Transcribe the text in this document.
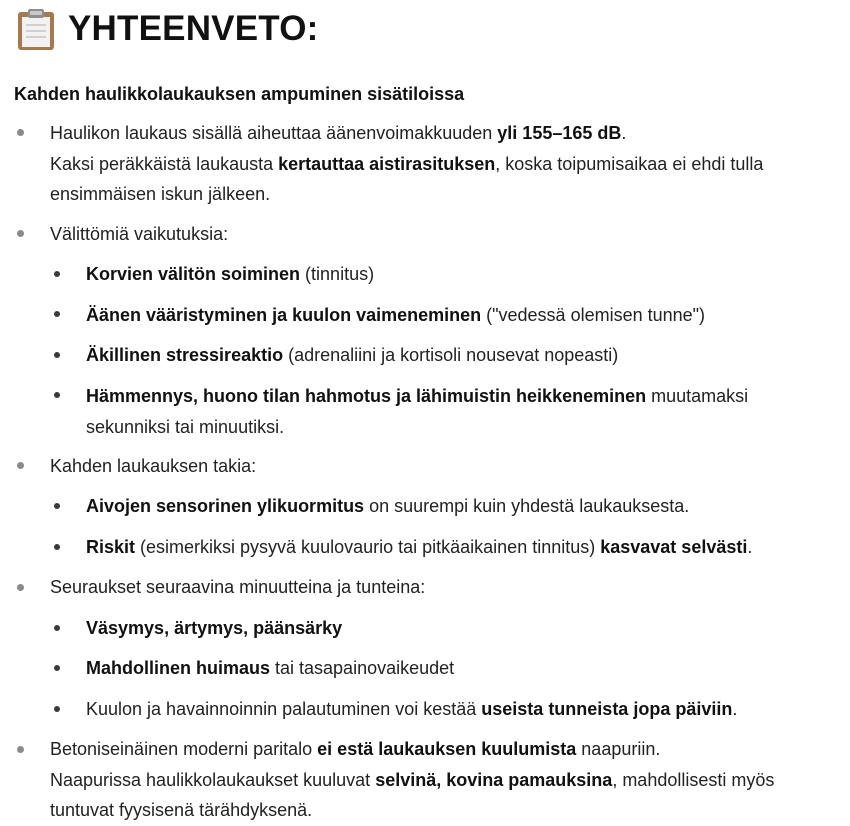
YHTEENVETO:
Kahden haulikkolaukauksen ampuminen sisätiloissa
Haulikon laukaus sisällä aiheuttaa äänenvoimakkuuden yli 155–165 dB.
Kaksi peräkkäistä laukausta kertauttaa aistirasituksen, koska toipumisaikaa ei ehdi tulla
ensimmäisen iskun jälkeen.
Välittömiä vaikutuksia:
Korvien välitön soiminen (tinnitus)
Äänen vääristyminen ja kuulon vaimeneminen ("vedessä olemisen tunne")
Äkillinen stressireaktio (adrenaliini ja kortisoli nousevat nopeasti)
Hämmennys, huono tilan hahmotus ja lähimuistin heikkeneminen muutamaksi
sekunniksi tai minuutiksi.
Kahden laukauksen takia:
Aivojen sensorinen ylikuormitus on suurempi kuin yhdestä laukauksesta.
Riskit (esimerkiksi pysyvä kuulovaurio tai pitkäaikainen tinnitus) kasvavat selvästi.
Seuraukset seuraavina minuutteina ja tunteina:
Väsymys, ärtymys, päänsärky
Mahdollinen huimaus tai tasapainovaikeudet
Kuulon ja havainnoinnin palautuminen voi kestää useista tunneista jopa päiviin.
Betoniseinäinen moderni paritalo ei estä laukauksen kuulumista naapuriin.
Naapurissa haulikkolaukaukset kuuluvat selvinä, kovina pamauksina, mahdollisesti myös
tuntuvat fyysisenä tärähdyksenä.
